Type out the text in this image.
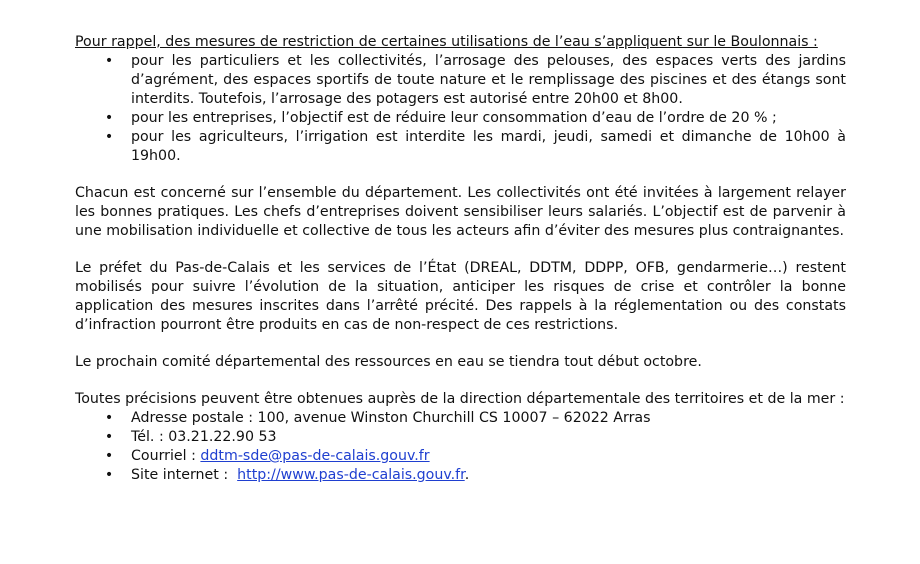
Pour rappel, des mesures de restriction de certaines utilisations de l’eau s’appliquent sur le Boulonnais :

• pour les particuliers et les collectivités, l’arrosage des pelouses, des espaces verts des jardins d’agrément, des espaces sportifs de toute nature et le remplissage des piscines et des étangs sont interdits. Toutefois, l’arrosage des potagers est autorisé entre 20h00 et 8h00.
• pour les entreprises, l’objectif est de réduire leur consommation d’eau de l’ordre de 20 % ;
• pour les agriculteurs, l’irrigation est interdite les mardi, jeudi, samedi et dimanche de 10h00 à 19h00.

Chacun est concerné sur l’ensemble du département. Les collectivités ont été invitées à largement relayer les bonnes pratiques. Les chefs d’entreprises doivent sensibiliser leurs salariés. L’objectif est de parvenir à une mobilisation individuelle et collective de tous les acteurs afin d’éviter des mesures plus contraignantes.

Le préfet du Pas-de-Calais et les services de l’État (DREAL, DDTM, DDPP, OFB, gendarmerie…) restent mobilisés pour suivre l’évolution de la situation, anticiper les risques de crise et contrôler la bonne application des mesures inscrites dans l’arrêté précité. Des rappels à la réglementation ou des constats d’infraction pourront être produits en cas de non-respect de ces restrictions.

Le prochain comité départemental des ressources en eau se tiendra tout début octobre.

Toutes précisions peuvent être obtenues auprès de la direction départementale des territoires et de la mer :

• Adresse postale : 100, avenue Winston Churchill CS 10007 – 62022 Arras
• Tél. : 03.21.22.90 53
• Courriel : ddtm-sde@pas-de-calais.gouv.fr
• Site internet :  http://www.pas-de-calais.gouv.fr.
